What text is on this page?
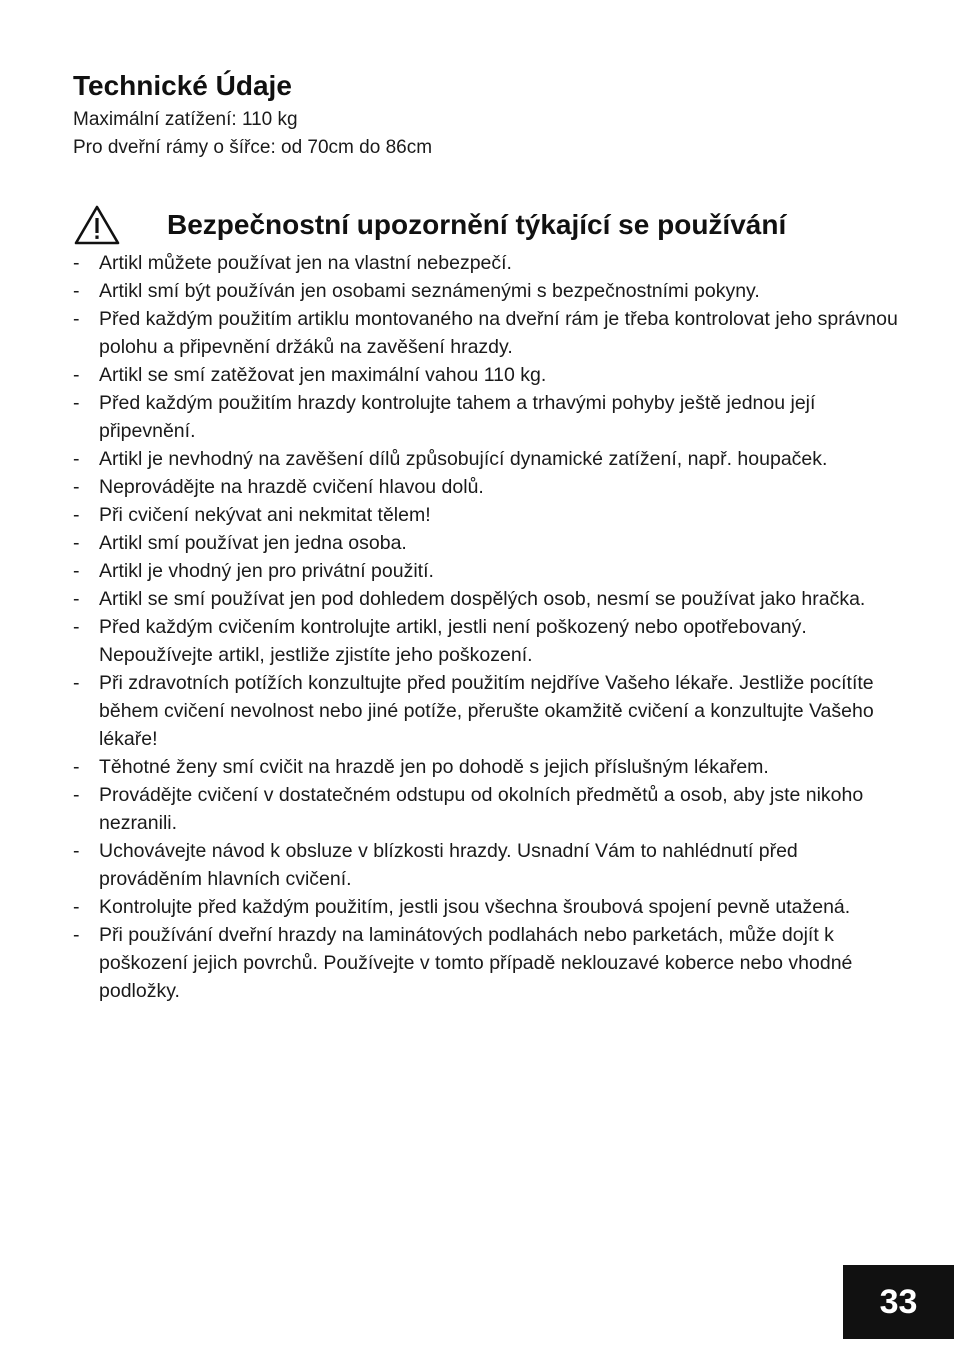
Technické Údaje
Maximální zatížení: 110 kg
Pro dveřní rámy o šířce: od 70cm do 86cm
Bezpečnostní upozornění týkající se používání
- Artikl můžete používat jen na vlastní nebezpečí.
- Artikl smí být používán jen osobami seznámenými s bezpečnostními pokyny.
- Před každým použitím artiklu montovaného na dveřní rám je třeba kontrolovat jeho správnou polohu a připevnění držáků na zavěšení hrazdy.
- Artikl se smí zatěžovat jen maximální vahou 110 kg.
- Před každým použitím hrazdy kontrolujte tahem a trhavými pohyby ještě jednou její připevnění.
- Artikl je nevhodný na zavěšení dílů způsobující dynamické zatížení, např. houpaček.
- Neprovádějte na hrazdě cvičení hlavou dolů.
- Při cvičení nekývat ani nekmitat tělem!
- Artikl smí používat jen jedna osoba.
- Artikl je vhodný jen pro privátní použití.
- Artikl se smí používat jen pod dohledem dospělých osob, nesmí se používat jako hračka.
- Před každým cvičením kontrolujte artikl, jestli není poškozený nebo opotřebovaný. Nepoužívejte artikl, jestliže zjistíte jeho poškození.
- Při zdravotních potížích konzultujte před použitím nejdříve Vašeho lékaře. Jestliže pocítíte během cvičení nevolnost nebo jiné potíže, přerušte okamžitě cvičení a konzultujte Vašeho lékaře!
- Těhotné ženy smí cvičit na hrazdě jen po dohodě s jejich příslušným lékařem.
- Provádějte cvičení v dostatečném odstupu od okolních předmětů a osob, aby jste nikoho nezranili.
- Uchovávejte návod k obsluze v blízkosti hrazdy. Usnadní Vám to nahlédnutí před prováděním hlavních cvičení.
- Kontrolujte před každým použitím, jestli jsou všechna šroubová spojení pevně utažená.
- Při používání dveřní hrazdy na laminátových podlahách nebo parketách, může dojít k poškození jejich povrchů. Používejte v tomto případě neklouzavé koberce nebo vhodné podložky.
33
